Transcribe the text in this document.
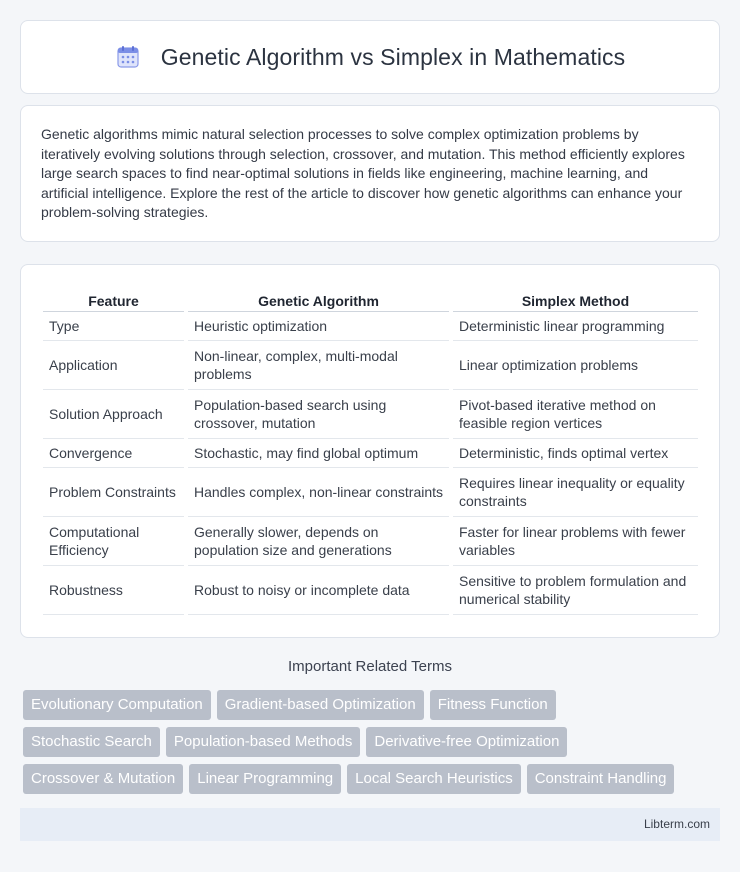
Genetic Algorithm vs Simplex in Mathematics

Genetic algorithms mimic natural selection processes to solve complex optimization problems by iteratively evolving solutions through selection, crossover, and mutation. This method efficiently explores large search spaces to find near-optimal solutions in fields like engineering, machine learning, and artificial intelligence. Explore the rest of the article to discover how genetic algorithms can enhance your problem-solving strategies.

Feature	Genetic Algorithm	Simplex Method
Type	Heuristic optimization	Deterministic linear programming
Application	Non-linear, complex, multi-modal problems	Linear optimization problems
Solution Approach	Population-based search using crossover, mutation	Pivot-based iterative method on feasible region vertices
Convergence	Stochastic, may find global optimum	Deterministic, finds optimal vertex
Problem Constraints	Handles complex, non-linear constraints	Requires linear inequality or equality constraints
Computational Efficiency	Generally slower, depends on population size and generations	Faster for linear problems with fewer variables
Robustness	Robust to noisy or incomplete data	Sensitive to problem formulation and numerical stability
Important Related Terms
Evolutionary Computation	Gradient-based Optimization	Fitness Function
Stochastic Search	Population-based Methods	Derivative-free Optimization
Crossover & Mutation	Linear Programming	Local Search Heuristics	Constraint Handling
Libterm.com
